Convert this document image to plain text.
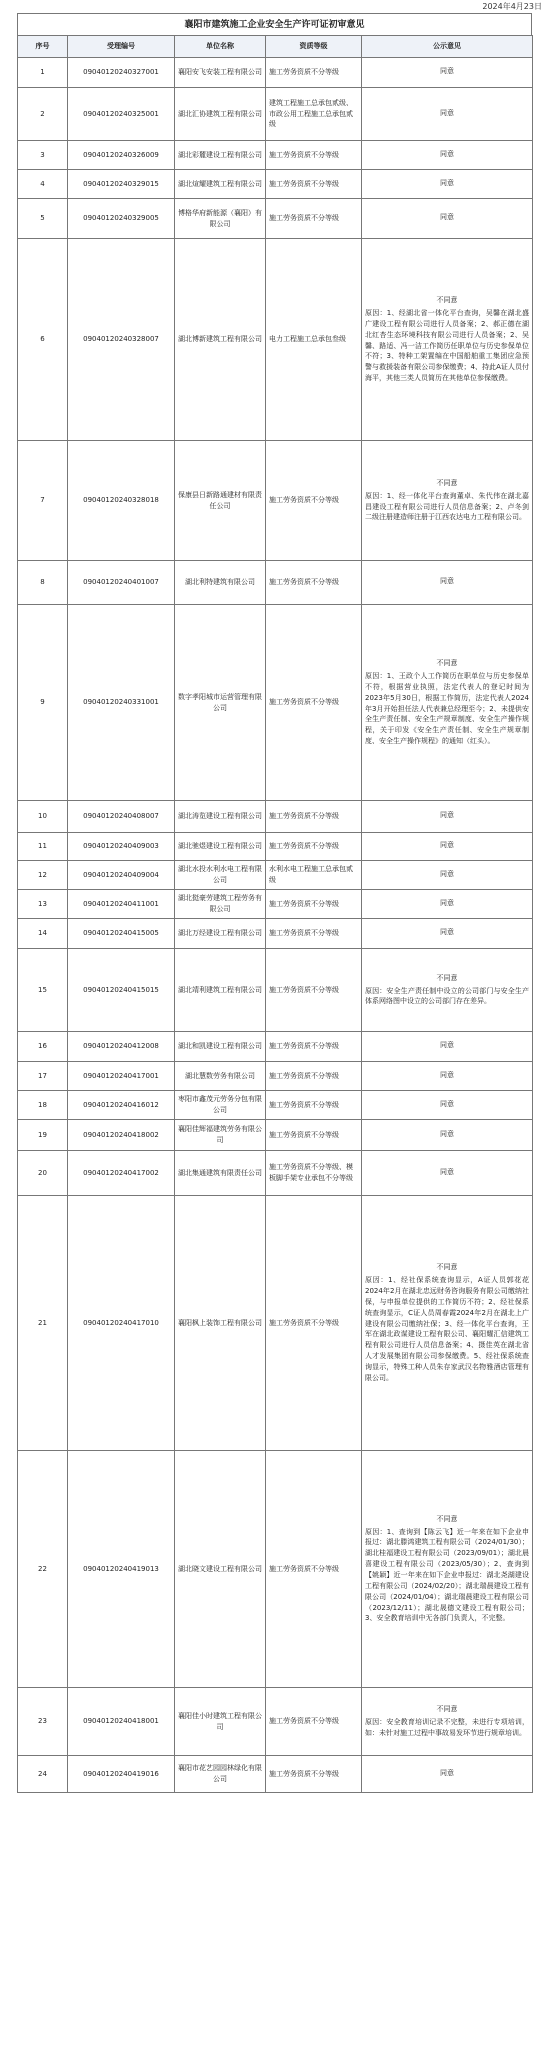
2024年4月23日
襄阳市建筑施工企业安全生产许可证初审意见
序号	受理编号	单位名称	资质等级	公示意见
1	09040120240327001	襄阳安飞安装工程有限公司	施工劳务资质不分等级	同意

2	09040120240325001	湖北汇协建筑工程有限公司	建筑工程施工总承包贰级、市政公用工程施工总承包贰级	同意

3	09040120240326009	湖北彩麓建设工程有限公司	施工劳务资质不分等级	同意

4	09040120240329015	湖北煊耀建筑工程有限公司	施工劳务资质不分等级	同意

5	09040120240329005	博格华府新能源（襄阳）有限公司	施工劳务资质不分等级	同意

6	09040120240328007	湖北博新建筑工程有限公司	电力工程施工总承包叁级	不同意
原因：1、经湖北省一体化平台查询，吴馨在湖北盛广建设工程有限公司进行人员备案；2、郝正德在湖北红杏生态环境科技有限公司进行人员备案；2、吴馨、路适、冯一洁工作简历任职单位与历史参保单位不符；3、特种工架置编在中国船舶重工集团应急预警与救援装备有限公司参保缴费；4、持此A证人员付海平，其他三类人员简历在其他单位参保缴费。

7	09040120240328018	保康县日新路通建材有限责任公司	施工劳务资质不分等级	不同意
原因：1、经一体化平台查询董卓、朱代伟在湖北嘉昌建设工程有限公司进行人员信息备案；2、卢冬剑二级注册建造师注册于江西农达电力工程有限公司。

8	09040120240401007	湖北利特建筑有限公司	施工劳务资质不分等级	同意

9	09040120240331001	数字孝阳城市运营管理有限公司	施工劳务资质不分等级	不同意
原因：1、王政个人工作简历在职单位与历史参保单不符，根据营业执照，法定代表人的登记时间为2023年5月30日，根据工作简历，法定代表人2024年3月开始担任法人代表兼总经理至今；2、未提供安全生产责任制、安全生产规章制度、安全生产操作规程，关于印发《安全生产责任制、安全生产规章制度、安全生产操作规程》的通知（红头）。

10	09040120240408007	湖北涛览建设工程有限公司	施工劳务资质不分等级	同意

11	09040120240409003	湖北驰煜建设工程有限公司	施工劳务资质不分等级	同意

12	09040120240409004	湖北水投水利水电工程有限公司	水利水电工程施工总承包贰级	同意

13	09040120240411001	湖北挺豪劳建筑工程劳务有限公司	施工劳务资质不分等级	同意

14	09040120240415005	湖北万经建设工程有限公司	施工劳务资质不分等级	同意

15	09040120240415015	湖北靖利建筑工程有限公司	施工劳务资质不分等级	不同意
原因：安全生产责任制中设立的公司部门与安全生产体系网络图中设立的公司部门存在差异。

16	09040120240412008	湖北和凯建设工程有限公司	施工劳务资质不分等级	同意

17	09040120240417001	湖北慧数劳务有限公司	施工劳务资质不分等级	同意

18	09040120240416012	枣阳市鑫茂元劳务分包有限公司	施工劳务资质不分等级	同意

19	09040120240418002	襄阳佳辉福建筑劳务有限公司	施工劳务资质不分等级	同意

20	09040120240417002	湖北集通建筑有限责任公司	施工劳务资质不分等级、模板脚手架专业承包不分等级	同意

21	09040120240417010	襄阳枫上装饰工程有限公司	施工劳务资质不分等级	不同意
原因：1、经社保系统查询显示，A证人员郭花花2024年2月在湖北忠远财务咨询服务有限公司缴纳社保，与申报单位提供的工作简历不符；2、经社保系统查询显示，C证人员周春霞2024年2月在湖北上广建设有限公司缴纳社保；3、经一体化平台查询，王军在湖北政谋建设工程有限公司、襄阳耀汇信建筑工程有限公司进行人员信息备案；4、摄佳英在湖北省人才发展集团有限公司参保缴费。5、经社保系统查询显示，特殊工种人员朱存家武汉名物雅酒店管理有限公司。

22	09040120240419013	湖北晓文建设工程有限公司	施工劳务资质不分等级	不同意
原因：1、查询到【陈云飞】近一年来在如下企业申报过：湖北滕鸿建筑工程有限公司（2024/01/30）；湖北桂福建设工程有限公司（2023/09/01）；湖北晨喜建设工程有限公司（2023/05/30）；2、查询到【姚颖】近一年来在如下企业申报过：湖北尧湖建设工程有限公司（2024/02/20）；湖北瑞晨建设工程有限公司（2024/01/04）；湖北瑞晨建设工程有限公司（2023/12/11）；湖北晟德文建设工程有限公司；3、安全教育培训中无各部门负责人，不完整。

23	09040120240418001	襄阳佳小时建筑工程有限公司	施工劳务资质不分等级	不同意
原因：安全教育培训记录不完整，未进行专项培训，如：未针对施工过程中事故易发环节进行规章培训。

24	09040120240419016	襄阳市花艺园园林绿化有限公司	施工劳务资质不分等级	同意
